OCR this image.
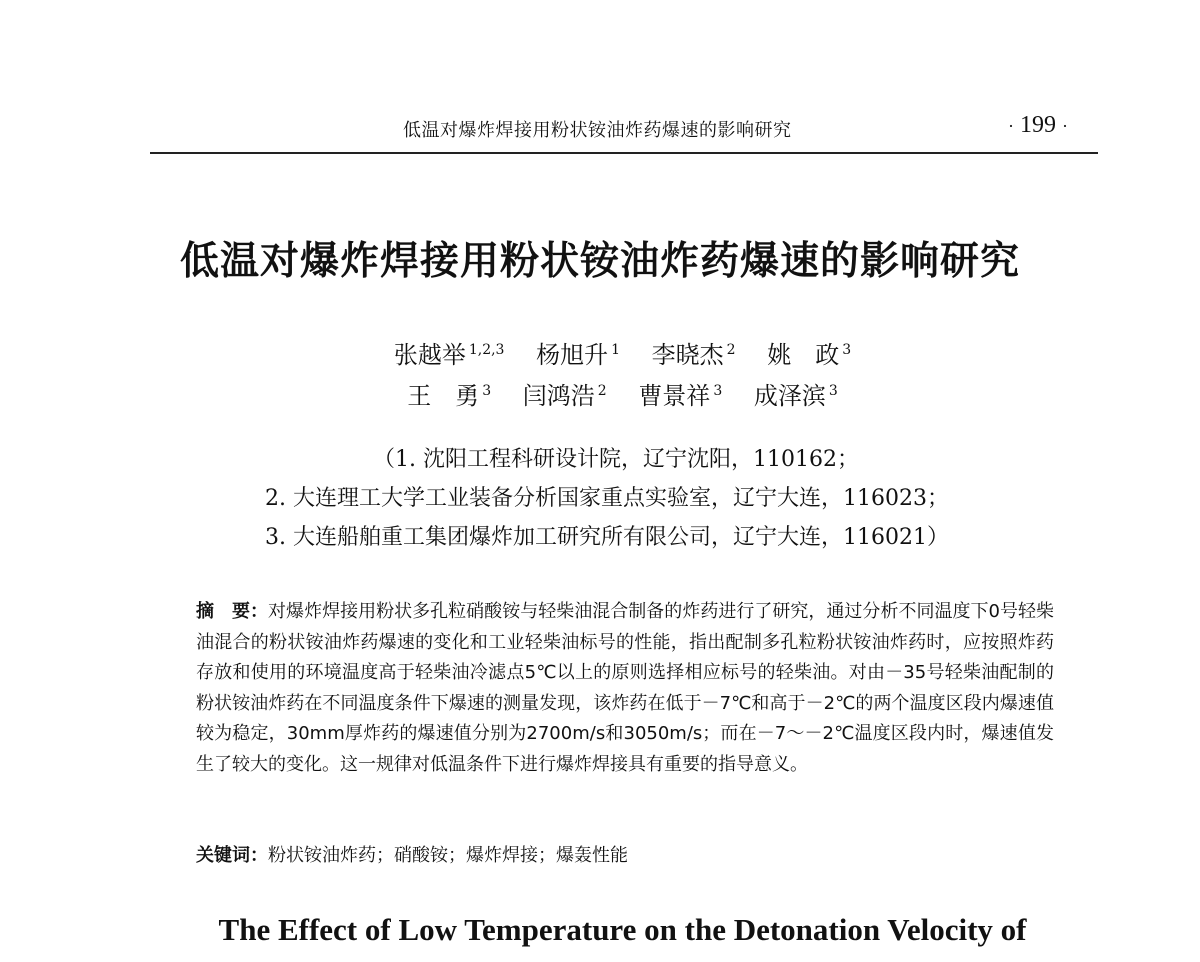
低温对爆炸焊接用粉状铵油炸药爆速的影响研究	· 199 ·
低温对爆炸焊接用粉状铵油炸药爆速的影响研究
张越举 $^{1,2,3}$ 杨旭升 $^1$ 李晓杰 $^2$ 姚　政 $^3$
王　勇 $^3$ 闫鸿浩 $^2$ 曹景祥 $^3$ 成泽滨 $^3$
（1. 沈阳工程科研设计院，辽宁沈阳，110162；
2. 大连理工大学工业装备分析国家重点实验室，辽宁大连，116023；
3. 大连船舶重工集团爆炸加工研究所有限公司，辽宁大连，116021）
摘　要：对爆炸焊接用粉状多孔粒硝酸铵与轻柴油混合制备的炸药进行了研究，通过分析不同温度下0号轻柴油混合的粉状铵油炸药爆速的变化和工业轻柴油标号的性能，指出配制多孔粒粉状铵油炸药时，应按照炸药存放和使用的环境温度高于轻柴油冷滤点5℃以上的原则选择相应标号的轻柴油。对由－35号轻柴油配制的粉状铵油炸药在不同温度条件下爆速的测量发现，该炸药在低于－7℃和高于－2℃的两个温度区段内爆速值较为稳定，30mm厚炸药的爆速值分别为2700m/s和3050m/s；而在－7～－2℃温度区段内时，爆速值发生了较大的变化。这一规律对低温条件下进行爆炸焊接具有重要的指导意义。
关键词：粉状铵油炸药；硝酸铵；爆炸焊接；爆轰性能
The Effect of Low Temperature on the Detonation Velocity of
